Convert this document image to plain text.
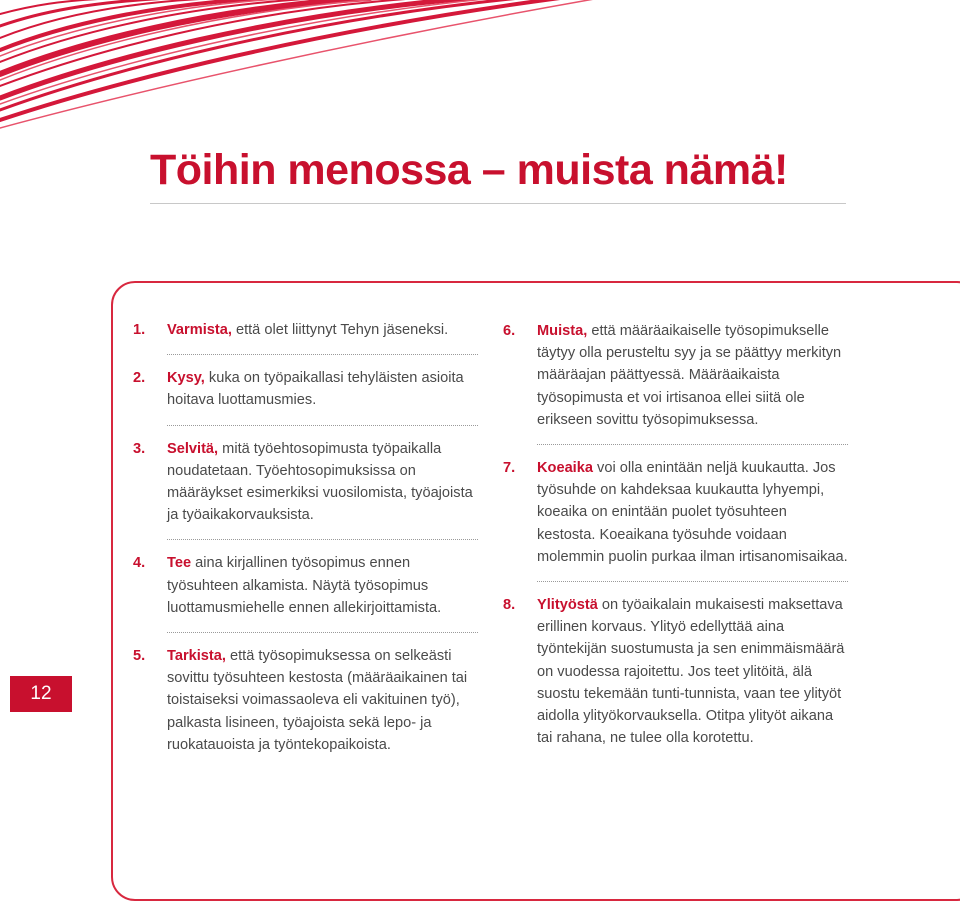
Töihin menossa – muista nämä!
12
1. Varmista, että olet liittynyt Tehyn jäseneksi.
2. Kysy, kuka on työpaikallasi tehyläisten asioita hoitava luottamusmies.
3. Selvitä, mitä työehtosopimusta työpaikalla noudatetaan. Työehtosopimuksissa on määräykset esimerkiksi vuosilomista, työajoista ja työaikakorvauksista.
4. Tee aina kirjallinen työsopimus ennen työsuhteen alkamista. Näytä työsopimus luottamusmiehelle ennen allekirjoittamista.
5. Tarkista, että työsopimuksessa on selkeästi sovittu työsuhteen kestosta (määräaikainen tai toistaiseksi voimassaoleva eli vakituinen työ), palkasta lisineen, työajoista sekä lepo- ja ruokatauoista ja työntekopaikoista.
6. Muista, että määräaikaiselle työsopimukselle täytyy olla perusteltu syy ja se päättyy merkityn määräajan päättyessä. Määräaikaista työsopimusta et voi irtisanoa ellei siitä ole erikseen sovittu työsopimuksessa.
7. Koeaika voi olla enintään neljä kuukautta. Jos työsuhde on kahdeksaa kuukautta lyhyempi, koeaika on enintään puolet työsuhteen kestosta. Koeaikana työsuhde voidaan molemmin puolin purkaa ilman irtisanomisaikaa.
8. Ylityöstä on työaikalain mukaisesti maksettava erillinen korvaus. Ylityö edellyttää aina työntekijän suostumusta ja sen enimmäismäärä on vuodessa rajoitettu. Jos teet ylitöitä, älä suostu tekemään tunti-tunnista, vaan tee ylityöt aidolla ylityökorvauksella. Otitpa ylityöt aikana tai rahana, ne tulee olla korotettu.
